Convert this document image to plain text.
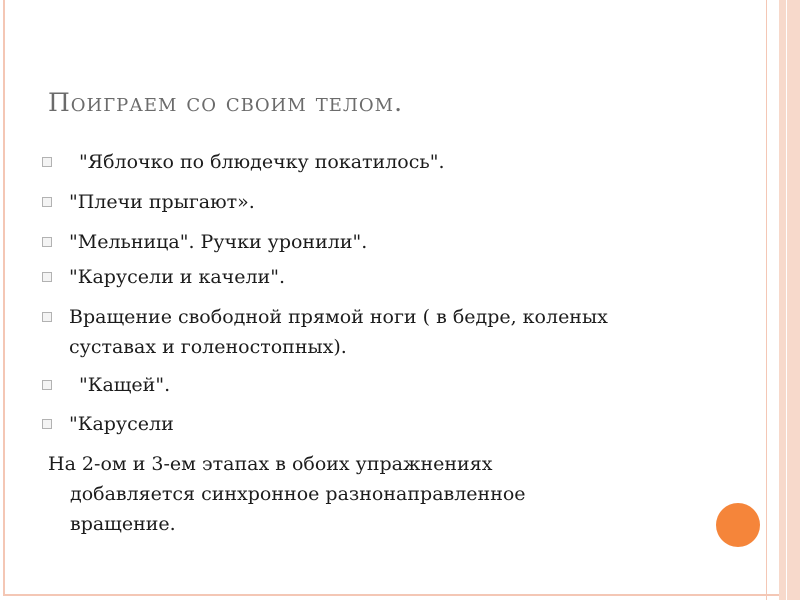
Поиграем со своим телом.
"Яблочко по блюдечку покатилось".
"Плечи прыгают».
"Мельница". Ручки уронили".
"Карусели и качели".
Вращение свободной прямой ноги ( в бедре, коленых
суставах и голеностопных).
"Кащей".
"Карусели
На 2-ом и 3-ем этапах в обоих упражнениях
добавляется синхронное разнонаправленное
вращение.
